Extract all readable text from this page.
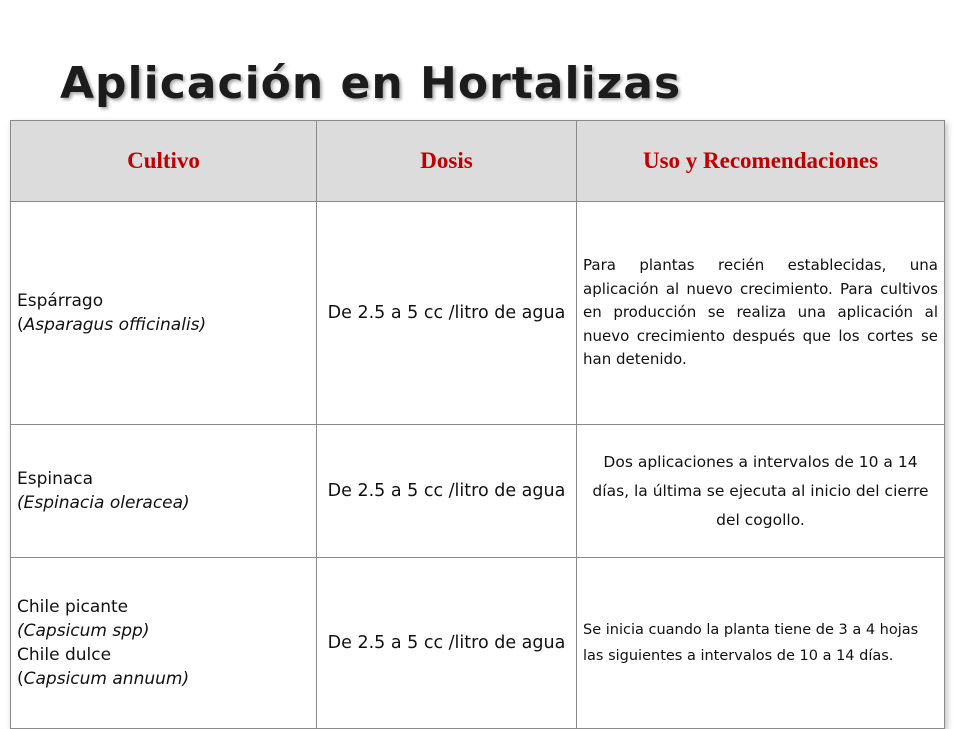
Aplicación en Hortalizas
Cultivo	Dosis	Uso y Recomendaciones

Espárrago
(Asparagus officinalis)	De 2.5 a 5 cc /litro de agua	Para plantas recién establecidas, una aplicación al nuevo crecimiento. Para cultivos en producción se realiza una aplicación al nuevo crecimiento después que los cortes se han detenido.

Espinaca
(Espinacia oleracea)	De 2.5 a 5 cc /litro de agua	Dos aplicaciones a intervalos de 10 a 14 días, la última se ejecuta al inicio del cierre del cogollo.

Chile picante
(Capsicum spp)
Chile dulce
(Capsicum annuum)	De 2.5 a 5 cc /litro de agua	Se inicia cuando la planta tiene de 3 a 4 hojas las siguientes a intervalos de 10 a 14 días.
